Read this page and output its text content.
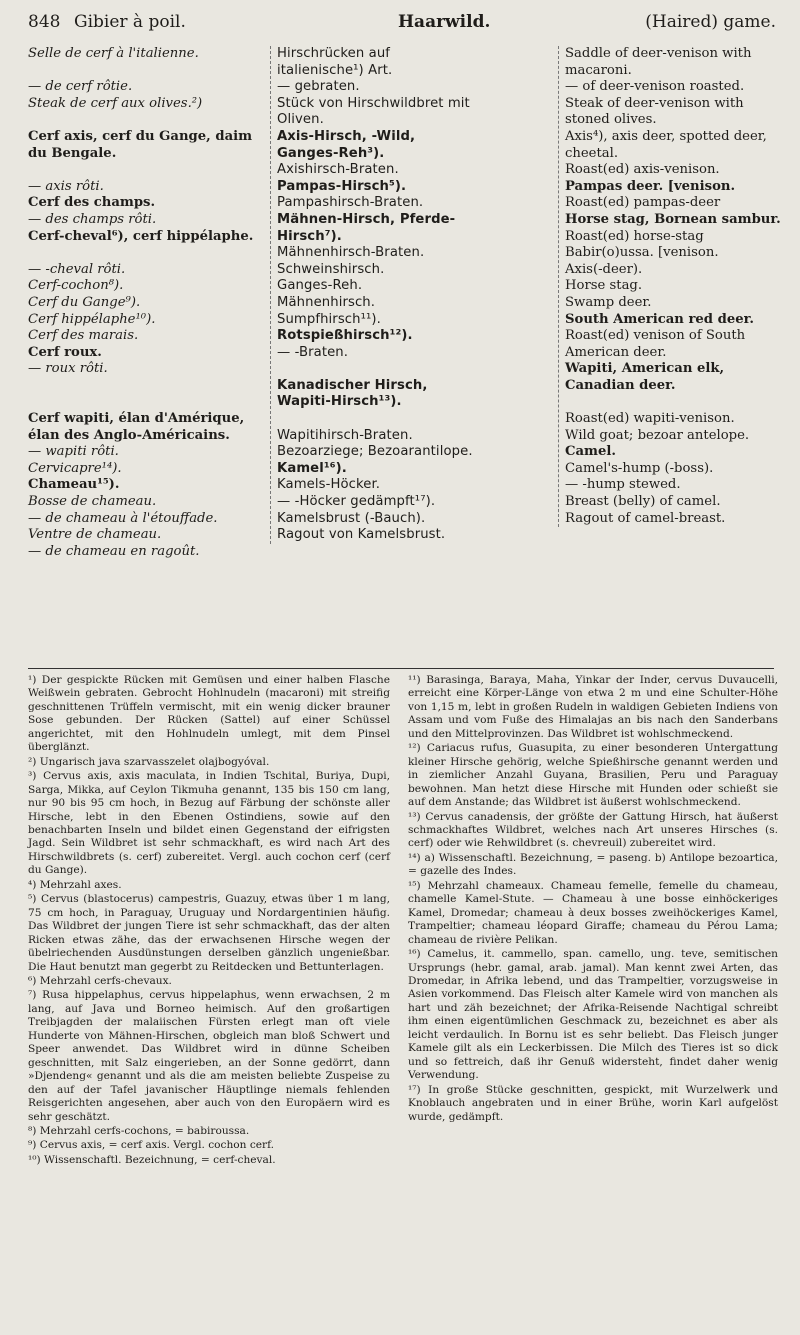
848 Gibier à poil.	Haarwild.	(Haired) game.

Selle de cerf à l'italienne.

— de cerf rôtie.

Steak de cerf aux olives.²)

Cerf axis, cerf du Gange, daim du Bengale.

— axis rôti.

Cerf des champs.

— des champs rôti.

Cerf-cheval⁶), cerf hippélaphe.

— -cheval rôti.

Cerf-cochon⁸).

Cerf du Gange⁹).

Cerf hippélaphe¹⁰).

Cerf des marais.

Cerf roux.

— roux rôti.

Cerf wapiti, élan d'Amérique, élan des Anglo-Américains.

— wapiti rôti.

Cervicapre¹⁴).

Chameau¹⁵).

Bosse de chameau.

— de chameau à l'étouffade.

Ventre de chameau.

— de chameau en ragoût.

Hirschrücken auf italienische¹) Art.

— gebraten.

Stück von Hirschwildbret mit Oliven.

Axis-Hirsch, -Wild, Ganges-Reh³).

Axishirsch-Braten.

Pampas-Hirsch⁵).

Pampashirsch-Braten.

Mähnen-Hirsch, Pferde-Hirsch⁷).

Mähnenhirsch-Braten.

Schweinshirsch.

Ganges-Reh.

Mähnenhirsch.

Sumpfhirsch¹¹).

Rotspießhirsch¹²).

— -Braten.

Kanadischer Hirsch, Wapiti-Hirsch¹³).

Wapitihirsch-Braten.

Bezoarziege; Bezoarantilope.

Kamel¹⁶).

Kamels-Höcker.

— -Höcker gedämpft¹⁷).

Kamelsbrust (-Bauch).

Ragout von Kamelsbrust.

Saddle of deer-venison with macaroni.

— of deer-venison roasted.

Steak of deer-venison with stoned olives.

Axis⁴), axis deer, spotted deer, cheetal.

Roast(ed) axis-venison.

Pampas deer. [venison.

Roast(ed) pampas-deer

Horse stag, Bornean sambur.

Roast(ed) horse-stag

Babir(o)ussa. [venison.

Axis(-deer).

Horse stag.

Swamp deer.

South American red deer.

Roast(ed) venison of South American deer.

Wapiti, American elk, Canadian deer.

Roast(ed) wapiti-venison.

Wild goat; bezoar antelope.

Camel.

Camel's-hump (-boss).

— -hump stewed.

Breast (belly) of camel.

Ragout of camel-breast.

¹) Der gespickte Rücken mit Gemüsen und einer halben Flasche Weißwein gebraten. Gebrocht Hohlnudeln (macaroni) mit streifig geschnittenen Trüffeln vermischt, mit ein wenig dicker brauner Sose gebunden. Der Rücken (Sattel) auf einer Schüssel angerichtet, mit den Hohlnudeln umlegt, mit dem Pinsel überglänzt.

²) Ungarisch java szarvasszelet olajbogyóval.

³) Cervus axis, axis maculata, in Indien Tschital, Buriya, Dupi, Sarga, Mikka, auf Ceylon Tikmuha genannt, 135 bis 150 cm lang, nur 90 bis 95 cm hoch, in Bezug auf Färbung der schönste aller Hirsche, lebt in den Ebenen Ostindiens, sowie auf den benachbarten Inseln und bildet einen Gegenstand der eifrigsten Jagd. Sein Wildbret ist sehr schmackhaft, es wird nach Art des Hirschwildbrets (s. cerf) zubereitet. Vergl. auch cochon cerf (cerf du Gange).

⁴) Mehrzahl axes.

⁵) Cervus (blastocerus) campestris, Guazuy, etwas über 1 m lang, 75 cm hoch, in Paraguay, Uruguay und Nordargentinien häufig. Das Wildbret der jungen Tiere ist sehr schmackhaft, das der alten Ricken etwas zähe, das der erwachsenen Hirsche wegen der übelriechenden Ausdünstungen derselben gänzlich ungenießbar. Die Haut benutzt man gegerbt zu Reitdecken und Bettunterlagen.

⁶) Mehrzahl cerfs-chevaux.

⁷) Rusa hippelaphus, cervus hippelaphus, wenn erwachsen, 2 m lang, auf Java und Borneo heimisch. Auf den großartigen Treibjagden der malaiischen Fürsten erlegt man oft viele Hunderte von Mähnen-Hirschen, obgleich man bloß Schwert und Speer anwendet. Das Wildbret wird in dünne Scheiben geschnitten, mit Salz eingerieben, an der Sonne gedörrt, dann »Djendeng« genannt und als die am meisten beliebte Zuspeise zu den auf der Tafel javanischer Häuptlinge niemals fehlenden Reisgerichten angesehen, aber auch von den Europäern wird es sehr geschätzt.

⁸) Mehrzahl cerfs-cochons, = babiroussa.

⁹) Cervus axis, = cerf axis. Vergl. cochon cerf.

¹⁰) Wissenschaftl. Bezeichnung, = cerf-cheval.

¹¹) Barasinga, Baraya, Maha, Yinkar der Inder, cervus Duvaucelli, erreicht eine Körper-Länge von etwa 2 m und eine Schulter-Höhe von 1,15 m, lebt in großen Rudeln in waldigen Gebieten Indiens von Assam und vom Fuße des Himalajas an bis nach den Sanderbans und den Mittelprovinzen. Das Wildbret ist wohlschmeckend.

¹²) Cariacus rufus, Guasupita, zu einer besonderen Untergattung kleiner Hirsche gehörig, welche Spießhirsche genannt werden und in ziemlicher Anzahl Guyana, Brasilien, Peru und Paraguay bewohnen. Man hetzt diese Hirsche mit Hunden oder schießt sie auf dem Anstande; das Wildbret ist äußerst wohlschmeckend.

¹³) Cervus canadensis, der größte der Gattung Hirsch, hat äußerst schmackhaftes Wildbret, welches nach Art unseres Hirsches (s. cerf) oder wie Rehwildbret (s. chevreuil) zubereitet wird.

¹⁴) a) Wissenschaftl. Bezeichnung, = paseng. b) Antilope bezoartica, = gazelle des Indes.

¹⁵) Mehrzahl chameaux. Chameau femelle, femelle du chameau, chamelle Kamel-Stute. — Chameau à une bosse einhöckeriges Kamel, Dromedar; chameau à deux bosses zweihöckeriges Kamel, Trampeltier; chameau léopard Giraffe; chameau du Pérou Lama; chameau de rivière Pelikan.

¹⁶) Camelus, it. cammello, span. camello, ung. teve, semitischen Ursprungs (hebr. gamal, arab. jamal). Man kennt zwei Arten, das Dromedar, in Afrika lebend, und das Trampeltier, vorzugsweise in Asien vorkommend. Das Fleisch alter Kamele wird von manchen als hart und zäh bezeichnet; der Afrika-Reisende Nachtigal schreibt ihm einen eigentümlichen Geschmack zu, bezeichnet es aber als leicht verdaulich. In Bornu ist es sehr beliebt. Das Fleisch junger Kamele gilt als ein Leckerbissen. Die Milch des Tieres ist so dick und so fettreich, daß ihr Genuß widersteht, findet daher wenig Verwendung.

¹⁷) In große Stücke geschnitten, gespickt, mit Wurzelwerk und Knoblauch angebraten und in einer Brühe, worin Karl aufgelöst wurde, gedämpft.
